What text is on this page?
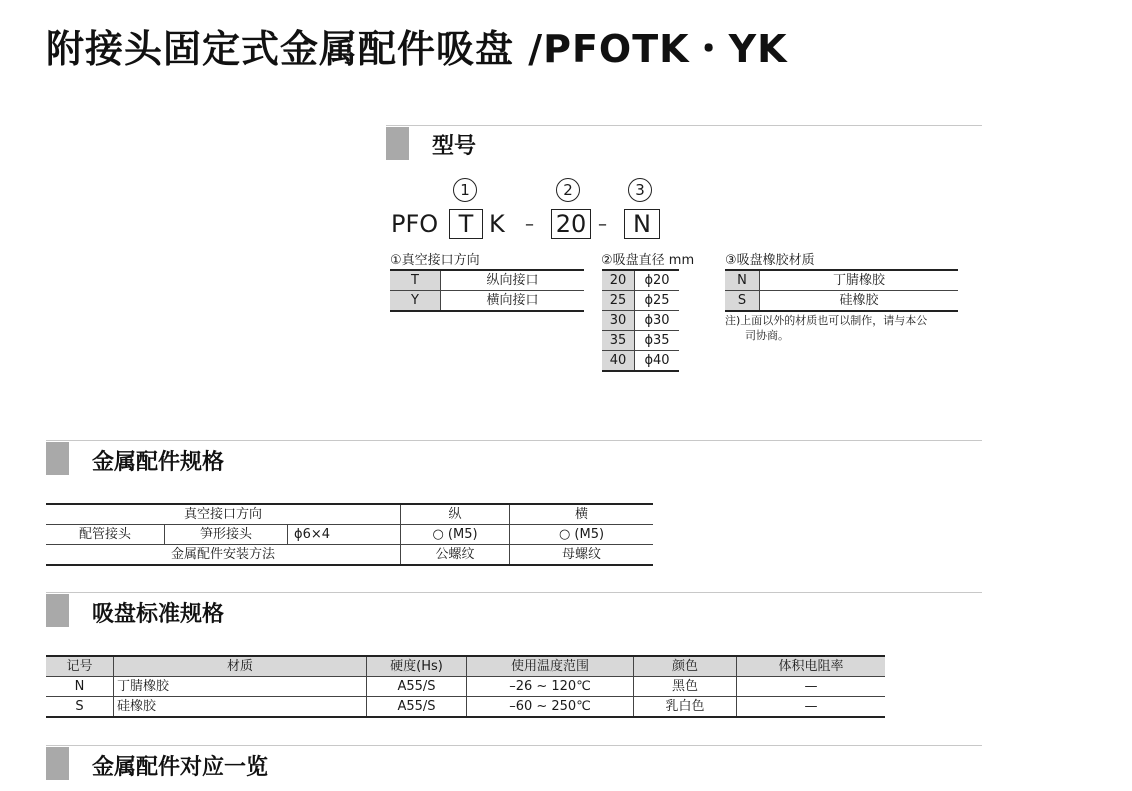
附接头固定式金属配件吸盘 /PFOTK・YK
型号
1	2	3
PFO T K – 20 –	N
①真空接口方向
T	纵向接口
Y	横向接口
②吸盘直径 mm
20	ϕ20
25	ϕ25
30	ϕ30
35	ϕ35
40	ϕ40
③吸盘橡胶材质
N	丁腈橡胶
S	硅橡胶
注)上面以外的材质也可以制作，请与本公
司协商。
金属配件规格
真空接口方向			纵	横
配管接头	笋形接头	ϕ6×4	○ (M5)	○ (M5)
金属配件安装方法			公螺纹	母螺纹
吸盘标准规格
记号	材质	硬度(Hs)	使用温度范围	颜色	体积电阻率
N	丁腈橡胶	A55/S	–26 ~ 120℃	黑色	—
S	硅橡胶	A55/S	–60 ~ 250℃	乳白色	—
金属配件对应一览
